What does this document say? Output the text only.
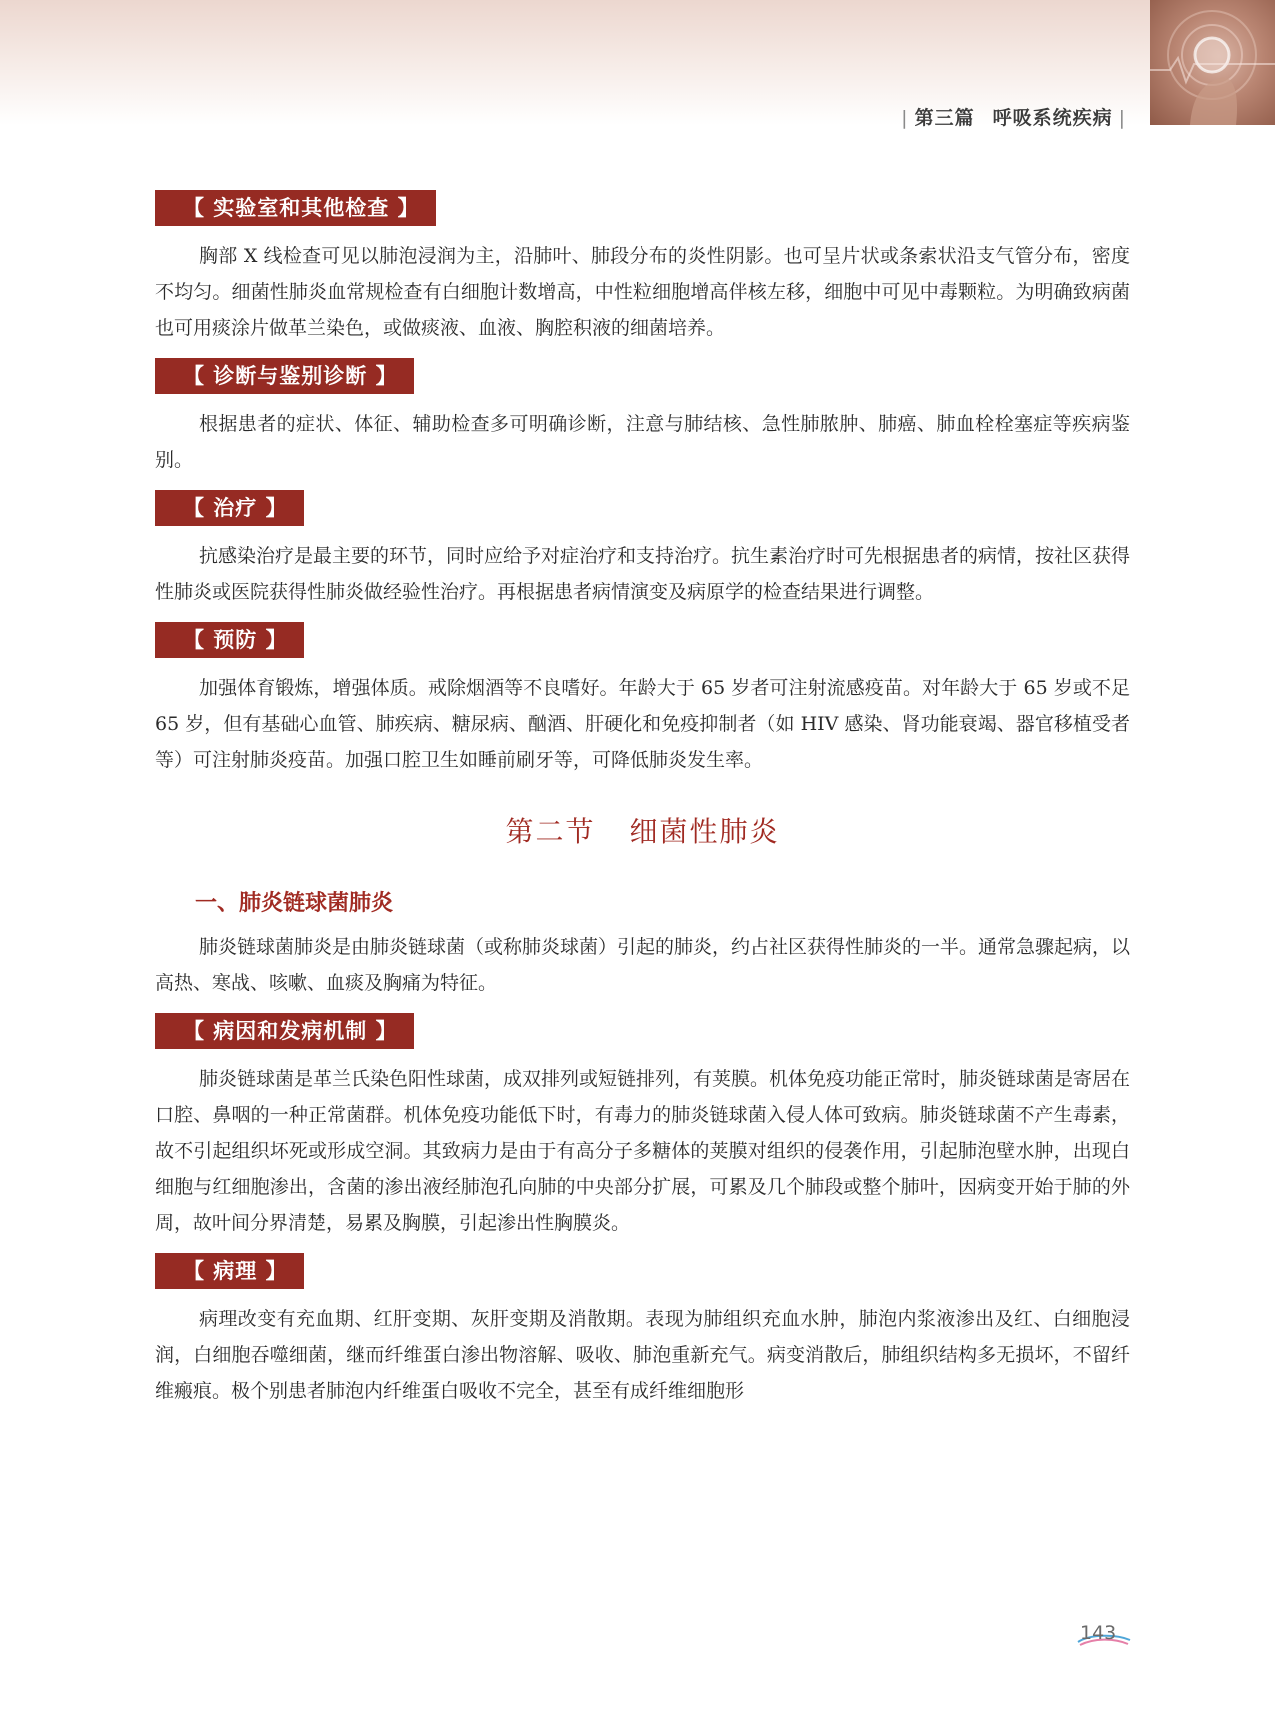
| 第三篇 呼吸系统疾病 |
【 实验室和其他检查 】

胸部 X 线检查可见以肺泡浸润为主，沿肺叶、肺段分布的炎性阴影。也可呈片状或条索状沿支气管分布，密度不均匀。细菌性肺炎血常规检查有白细胞计数增高，中性粒细胞增高伴核左移，细胞中可见中毒颗粒。为明确致病菌也可用痰涂片做革兰染色，或做痰液、血液、胸腔积液的细菌培养。

【 诊断与鉴别诊断 】

根据患者的症状、体征、辅助检查多可明确诊断，注意与肺结核、急性肺脓肿、肺癌、肺血栓栓塞症等疾病鉴别。

【 治疗 】

抗感染治疗是最主要的环节，同时应给予对症治疗和支持治疗。抗生素治疗时可先根据患者的病情，按社区获得性肺炎或医院获得性肺炎做经验性治疗。再根据患者病情演变及病原学的检查结果进行调整。

【 预防 】

加强体育锻炼，增强体质。戒除烟酒等不良嗜好。年龄大于 65 岁者可注射流感疫苗。对年龄大于 65 岁或不足 65 岁，但有基础心血管、肺疾病、糖尿病、酗酒、肝硬化和免疫抑制者（如 HIV 感染、肾功能衰竭、器官移植受者等）可注射肺炎疫苗。加强口腔卫生如睡前刷牙等，可降低肺炎发生率。

第二节 细菌性肺炎
一、肺炎链球菌肺炎

肺炎链球菌肺炎是由肺炎链球菌（或称肺炎球菌）引起的肺炎，约占社区获得性肺炎的一半。通常急骤起病，以高热、寒战、咳嗽、血痰及胸痛为特征。

【 病因和发病机制 】

肺炎链球菌是革兰氏染色阳性球菌，成双排列或短链排列，有荚膜。机体免疫功能正常时，肺炎链球菌是寄居在口腔、鼻咽的一种正常菌群。机体免疫功能低下时，有毒力的肺炎链球菌入侵人体可致病。肺炎链球菌不产生毒素，故不引起组织坏死或形成空洞。其致病力是由于有高分子多糖体的荚膜对组织的侵袭作用，引起肺泡壁水肿，出现白细胞与红细胞渗出，含菌的渗出液经肺泡孔向肺的中央部分扩展，可累及几个肺段或整个肺叶，因病变开始于肺的外周，故叶间分界清楚，易累及胸膜，引起渗出性胸膜炎。

【 病理 】

病理改变有充血期、红肝变期、灰肝变期及消散期。表现为肺组织充血水肿，肺泡内浆液渗出及红、白细胞浸润，白细胞吞噬细菌，继而纤维蛋白渗出物溶解、吸收、肺泡重新充气。病变消散后，肺组织结构多无损坏，不留纤维瘢痕。极个别患者肺泡内纤维蛋白吸收不完全，甚至有成纤维细胞形

143
